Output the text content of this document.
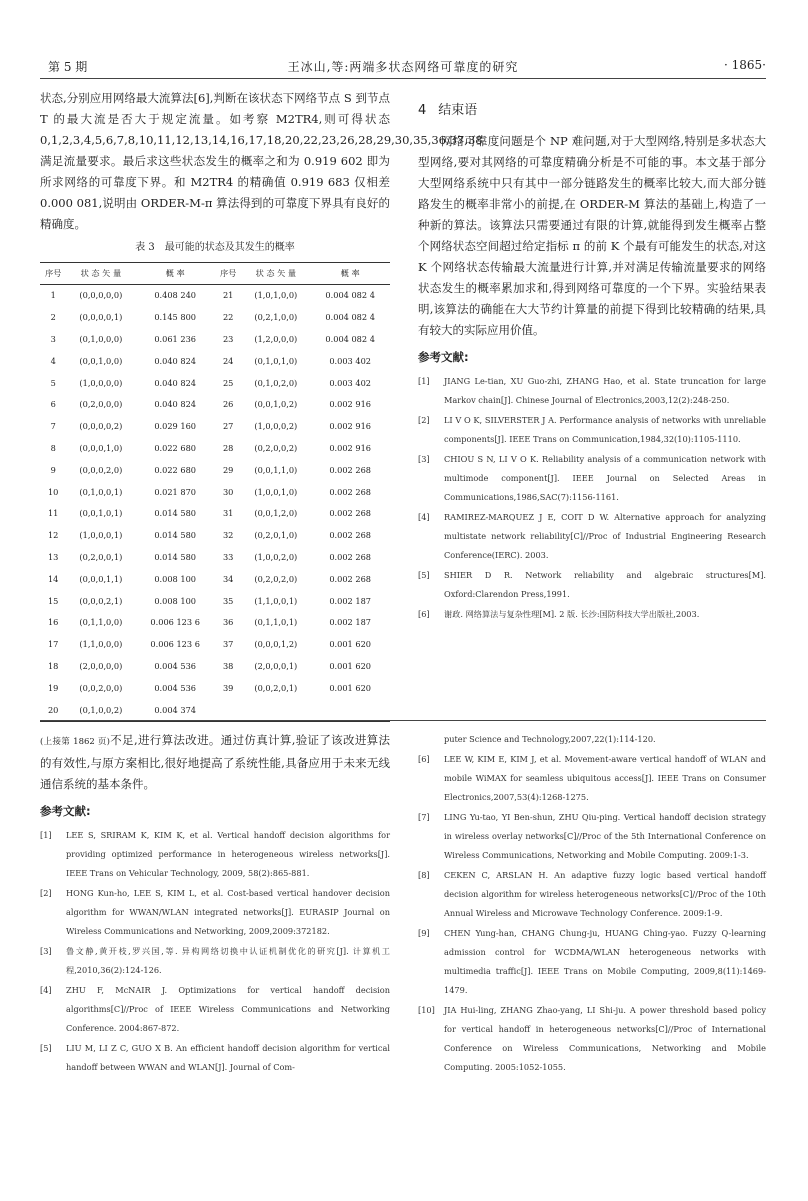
第 5 期	王冰山,等:两端多状态网络可靠度的研究	· 1865·

状态,分别应用网络最大流算法[6],判断在该状态下网络节点 S 到节点 T 的最大流是否大于规定流量。如考察 M2TR4,则可得状态 0,1,2,3,4,5,6,7,8,10,11,12,13,14,16,17,18,20,22,23,26,28,29,30,35,36,37,38 满足流量要求。最后求这些状态发生的概率之和为 0.919 602 即为所求网络的可靠度下界。和 M2TR4 的精确值 0.919 683 仅相差 0.000 081,说明由 ORDER-M-π 算法得到的可靠度下界具有良好的精确度。

表 3　最可能的状态及其发生的概率
序号	状 态 矢 量	概 率	序号	状 态 矢 量	概 率
1	(0,0,0,0,0)	0.408 240	21	(1,0,1,0,0)	0.004 082 4
2	(0,0,0,0,1)	0.145 800	22	(0,2,1,0,0)	0.004 082 4
3	(0,1,0,0,0)	0.061 236	23	(1,2,0,0,0)	0.004 082 4
4	(0,0,1,0,0)	0.040 824	24	(0,1,0,1,0)	0.003 402
5	(1,0,0,0,0)	0.040 824	25	(0,1,0,2,0)	0.003 402
6	(0,2,0,0,0)	0.040 824	26	(0,0,1,0,2)	0.002 916
7	(0,0,0,0,2)	0.029 160	27	(1,0,0,0,2)	0.002 916
8	(0,0,0,1,0)	0.022 680	28	(0,2,0,0,2)	0.002 916
9	(0,0,0,2,0)	0.022 680	29	(0,0,1,1,0)	0.002 268
10	(0,1,0,0,1)	0.021 870	30	(1,0,0,1,0)	0.002 268
11	(0,0,1,0,1)	0.014 580	31	(0,0,1,2,0)	0.002 268
12	(1,0,0,0,1)	0.014 580	32	(0,2,0,1,0)	0.002 268
13	(0,2,0,0,1)	0.014 580	33	(1,0,0,2,0)	0.002 268
14	(0,0,0,1,1)	0.008 100	34	(0,2,0,2,0)	0.002 268
15	(0,0,0,2,1)	0.008 100	35	(1,1,0,0,1)	0.002 187
16	(0,1,1,0,0)	0.006 123 6	36	(0,1,1,0,1)	0.002 187
17	(1,1,0,0,0)	0.006 123 6	37	(0,0,0,1,2)	0.001 620
18	(2,0,0,0,0)	0.004 536	38	(2,0,0,0,1)	0.001 620
19	(0,0,2,0,0)	0.004 536	39	(0,0,2,0,1)	0.001 620
20	(0,1,0,0,2)	0.004 374			
4 结束语

网络可靠度问题是个 NP 难问题,对于大型网络,特别是多状态大型网络,要对其网络的可靠度精确分析是不可能的事。本文基于部分大型网络系统中只有其中一部分链路发生的概率比较大,而大部分链路发生的概率非常小的前提,在 ORDER-M 算法的基础上,构造了一种新的算法。该算法只需要通过有限的计算,就能得到发生概率占整个网络状态空间超过给定指标 π 的前 K 个最有可能发生的状态,对这 K 个网络状态传输最大流量进行计算,并对满足传输流量要求的网络状态发生的概率累加求和,得到网络可靠度的一个下界。实验结果表明,该算法的确能在大大节约计算量的前提下得到比较精确的结果,具有较大的实际应用价值。

参考文献:
[1]	JIANG Le-tian, XU Guo-zhi, ZHANG Hao, et al. State truncation for large Markov chain[J]. Chinese Journal of Electronics,2003,12(2):248-250.
[2]	LI V O K, SILVERSTER J A. Performance analysis of networks with unreliable components[J]. IEEE Trans on Communication,1984,32(10):1105-1110.
[3]	CHIOU S N, LI V O K. Reliability analysis of a communication network with multimode component[J]. IEEE Journal on Selected Areas in Communications,1986,SAC(7):1156-1161.
[4]	RAMIREZ-MARQUEZ J E, COIT D W. Alternative approach for analyzing multistate network reliability[C]//Proc of Industrial Engineering Research Conference(IERC). 2003.
[5]	SHIER D R. Network reliability and algebraic structures[M]. Oxford:Clarendon Press,1991.
[6]	谢政. 网络算法与复杂性理[M]. 2 版. 长沙:国防科技大学出版社,2003.

(上接第 1862 页)不足,进行算法改进。通过仿真计算,验证了该改进算法的有效性,与原方案相比,很好地提高了系统性能,具备应用于未来无线通信系统的基本条件。

参考文献:
[1]	LEE S, SRIRAM K, KIM K, et al. Vertical handoff decision algorithms for providing optimized performance in heterogeneous wireless networks[J]. IEEE Trans on Vehicular Technology, 2009, 58(2):865-881.
[2]	HONG Kun-ho, LEE S, KIM L, et al. Cost-based vertical handover decision algorithm for WWAN/WLAN integrated networks[J]. EURASIP Journal on Wireless Communications and Networking, 2009,2009:372182.
[3]	鲁文静,黄开枝,罗兴国,等. 异构网络切换中认证机制优化的研究[J]. 计算机工程,2010,36(2):124-126.
[4]	ZHU F, McNAIR J. Optimizations for vertical handoff decision algorithms[C]//Proc of IEEE Wireless Communications and Networking Conference. 2004:867-872.
[5]	LIU M, LI Z C, GUO X B. An efficient handoff decision algorithm for vertical handoff between WWAN and WLAN[J]. Journal of Com-
puter Science and Technology,2007,22(1):114-120.
[6]	LEE W, KIM E, KIM J, et al. Movement-aware vertical handoff of WLAN and mobile WiMAX for seamless ubiquitous access[J]. IEEE Trans on Consumer Electronics,2007,53(4):1268-1275.
[7]	LING Yu-tao, YI Ben-shun, ZHU Qiu-ping. Vertical handoff decision strategy in wireless overlay networks[C]//Proc of the 5th International Conference on Wireless Communications, Networking and Mobile Computing. 2009:1-3.
[8]	CEKEN C, ARSLAN H. An adaptive fuzzy logic based vertical handoff decision algorithm for wireless heterogeneous networks[C]//Proc of the 10th Annual Wireless and Microwave Technology Conference. 2009:1-9.
[9]	CHEN Yung-han, CHANG Chung-ju, HUANG Ching-yao. Fuzzy Q-learning admission control for WCDMA/WLAN heterogeneous networks with multimedia traffic[J]. IEEE Trans on Mobile Computing, 2009,8(11):1469-1479.
[10]	JIA Hui-ling, ZHANG Zhao-yang, LI Shi-ju. A power threshold based policy for vertical handoff in heterogeneous networks[C]//Proc of International Conference on Wireless Communications, Networking and Mobile Computing. 2005:1052-1055.
